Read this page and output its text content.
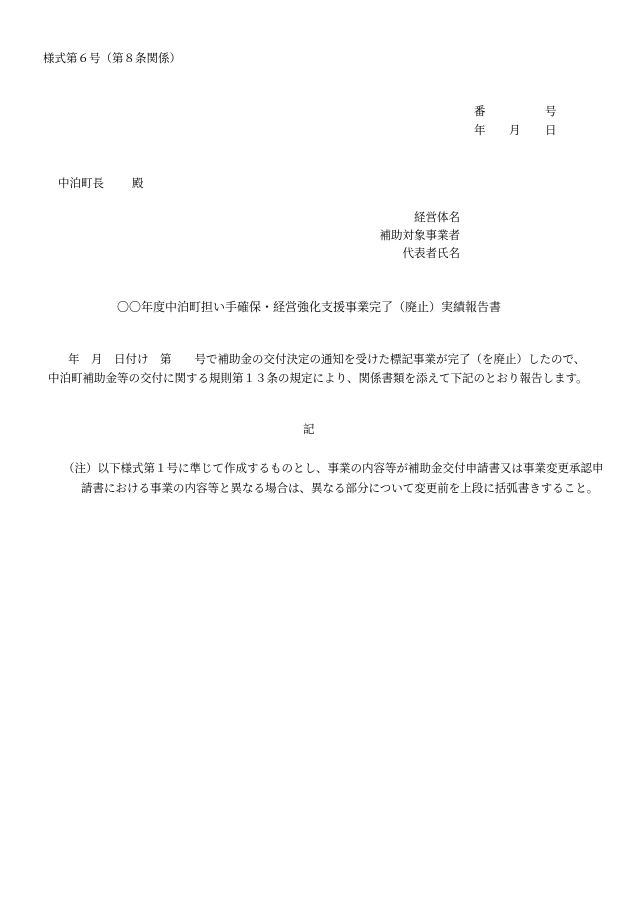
様式第６号（第８条関係）
番	号
年 月 日
中泊町長 殿
経営体名
補助対象事業者
代表者氏名
〇〇年度中泊町担い手確保・経営強化支援事業完了（廃止）実績報告書
年　月　日付け　第　　号で補助金の交付決定の通知を受けた標記事業が完了（を廃止）したので、中泊町補助金等の交付に関する規則第１３条の規定により、関係書類を添えて下記のとおり報告します。
記
（注）以下様式第１号に準じて作成するものとし、事業の内容等が補助金交付申請書又は事業変更承認申請書における事業の内容等と異なる場合は、異なる部分について変更前を上段に括弧書きすること。
